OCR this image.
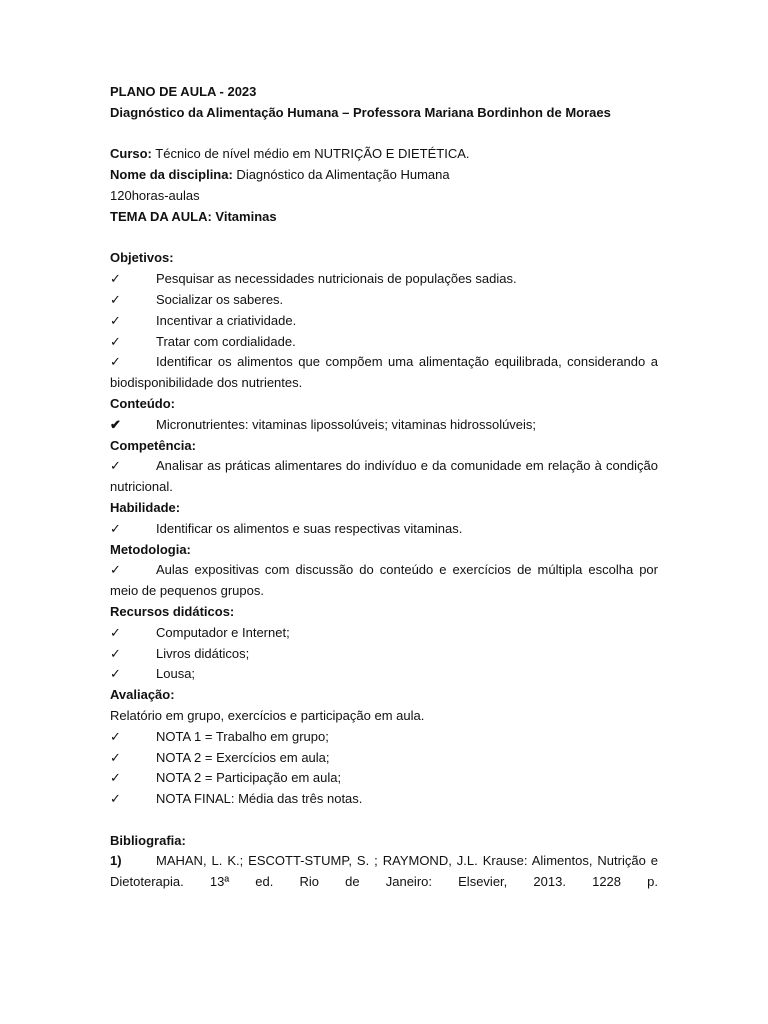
PLANO DE AULA - 2023
Diagnóstico da Alimentação Humana – Professora Mariana Bordinhon de Moraes
Curso: Técnico de nível médio em NUTRIÇÃO E DIETÉTICA.
Nome da disciplina: Diagnóstico da Alimentação Humana
120horas-aulas
TEMA DA AULA: Vitaminas
Objetivos:
✓	Pesquisar as necessidades nutricionais de populações sadias.
✓	Socializar os saberes.
✓	Incentivar a criatividade.
✓	Tratar com cordialidade.
✓	Identificar os alimentos que compõem uma alimentação equilibrada, considerando a
biodisponibilidade dos nutrientes.
Conteúdo:
✔	Micronutrientes: vitaminas lipossolúveis; vitaminas hidrossolúveis;
Competência:
✓	Analisar as práticas alimentares do indivíduo e da comunidade em relação à condição
nutricional.
Habilidade:
✓	Identificar os alimentos e suas respectivas vitaminas.
Metodologia:
✓	Aulas expositivas com discussão do conteúdo e exercícios de múltipla escolha por
meio de pequenos grupos.
Recursos didáticos:
✓	Computador e Internet;
✓	Livros didáticos;
✓	Lousa;
Avaliação:
Relatório em grupo, exercícios e participação em aula.
✓	NOTA 1 = Trabalho em grupo;
✓	NOTA 2 = Exercícios em aula;
✓	NOTA 2 = Participação em aula;
✓	NOTA FINAL: Média das três notas.
Bibliografia:
1)	MAHAN, L. K.; ESCOTT-STUMP, S. ; RAYMOND, J.L. Krause: Alimentos, Nutrição e
Dietoterapia. 13ª ed. Rio de Janeiro: Elsevier, 2013. 1228 p.
